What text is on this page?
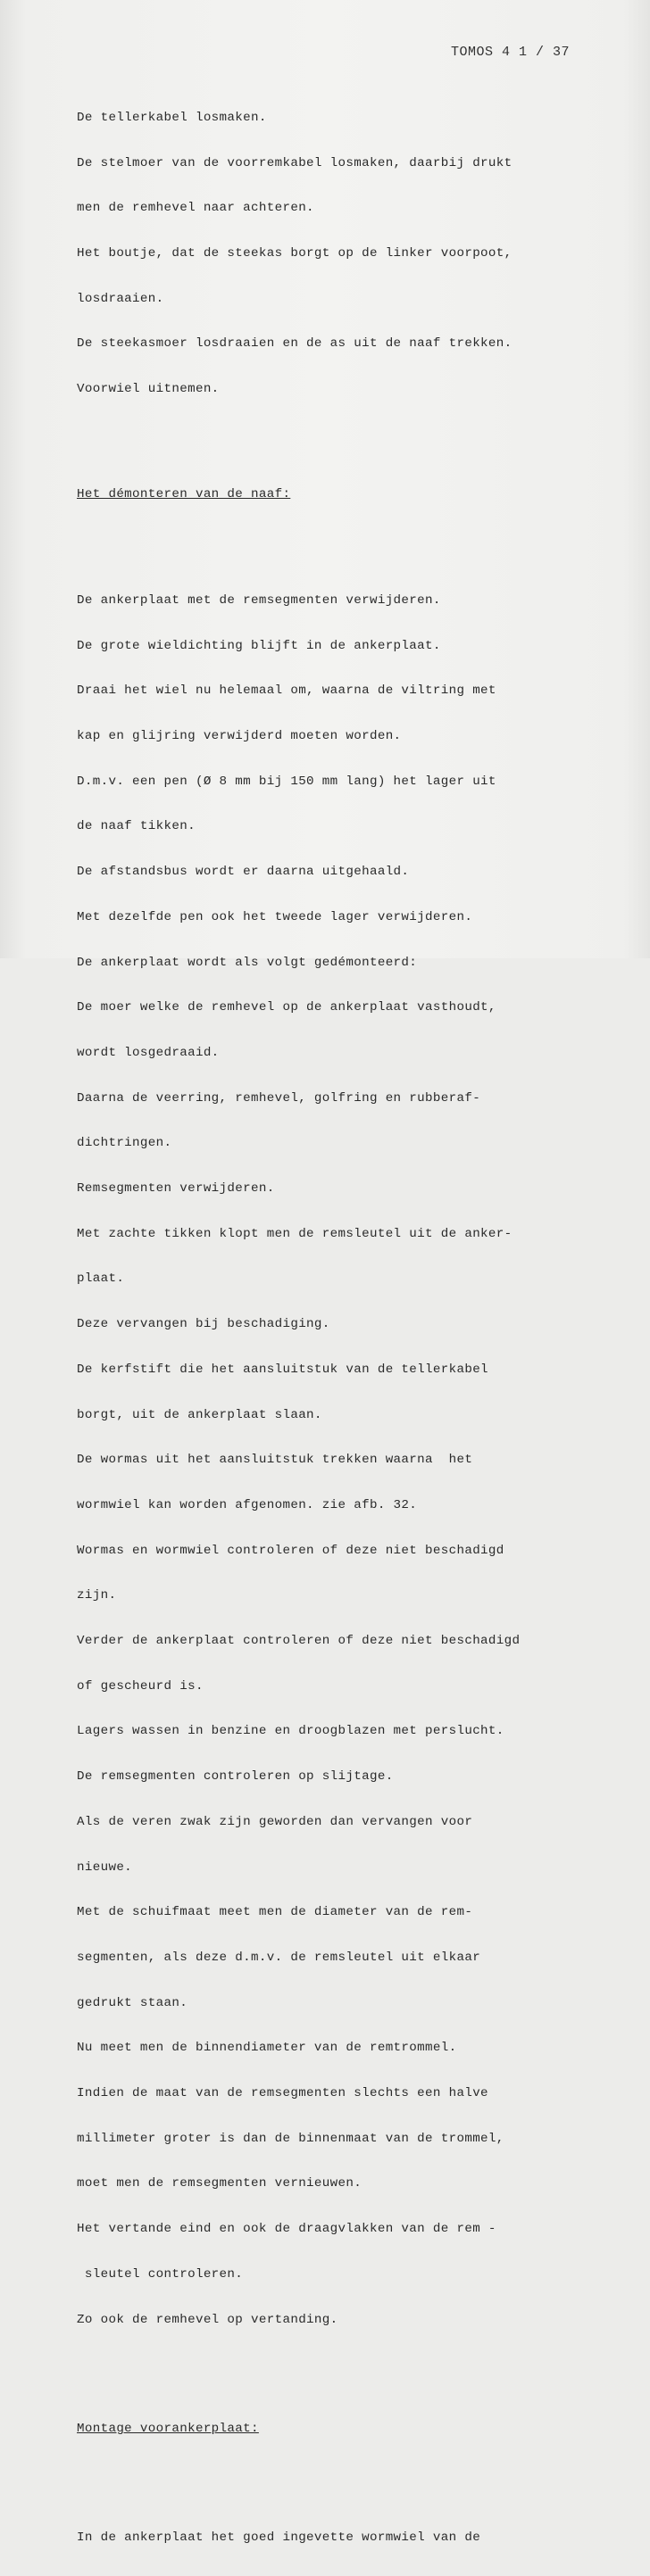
TOMOS 4 1 / 37

De tellerkabel losmaken.

De stelmoer van de voorremkabel losmaken, daarbij drukt

men de remhevel naar achteren.

Het boutje, dat de steekas borgt op de linker voorpoot,

losdraaien.

De steekasmoer losdraaien en de as uit de naaf trekken.

Voorwiel uitnemen.

Het démonteren van de naaf:

De ankerplaat met de remsegmenten verwijderen.

De grote wieldichting blijft in de ankerplaat.

Draai het wiel nu helemaal om, waarna de viltring met

kap en glijring verwijderd moeten worden.

D.m.v. een pen (Ø 8 mm bij 150 mm lang) het lager uit

de naaf tikken.

De afstandsbus wordt er daarna uitgehaald.

Met dezelfde pen ook het tweede lager verwijderen.

De ankerplaat wordt als volgt gedémonteerd:

De moer welke de remhevel op de ankerplaat vasthoudt,

wordt losgedraaid.

Daarna de veerring, remhevel, golfring en rubberaf-

dichtringen.

Remsegmenten verwijderen.

Met zachte tikken klopt men de remsleutel uit de anker-

plaat.

Deze vervangen bij beschadiging.

De kerfstift die het aansluitstuk van de tellerkabel

borgt, uit de ankerplaat slaan.

De wormas uit het aansluitstuk trekken waarna  het

wormwiel kan worden afgenomen. zie afb. 32.

Wormas en wormwiel controleren of deze niet beschadigd

zijn.

Verder de ankerplaat controleren of deze niet beschadigd

of gescheurd is.

Lagers wassen in benzine en droogblazen met perslucht.

De remsegmenten controleren op slijtage.

Als de veren zwak zijn geworden dan vervangen voor

nieuwe.

Met de schuifmaat meet men de diameter van de rem-

segmenten, als deze d.m.v. de remsleutel uit elkaar

gedrukt staan.

Nu meet men de binnendiameter van de remtrommel.

Indien de maat van de remsegmenten slechts een halve

millimeter groter is dan de binnenmaat van de trommel,

moet men de remsegmenten vernieuwen.

Het vertande eind en ook de draagvlakken van de rem -

sleutel controleren.

Zo ook de remhevel op vertanding.

Montage voorankerplaat:

In de ankerplaat het goed ingevette wormwiel van de
